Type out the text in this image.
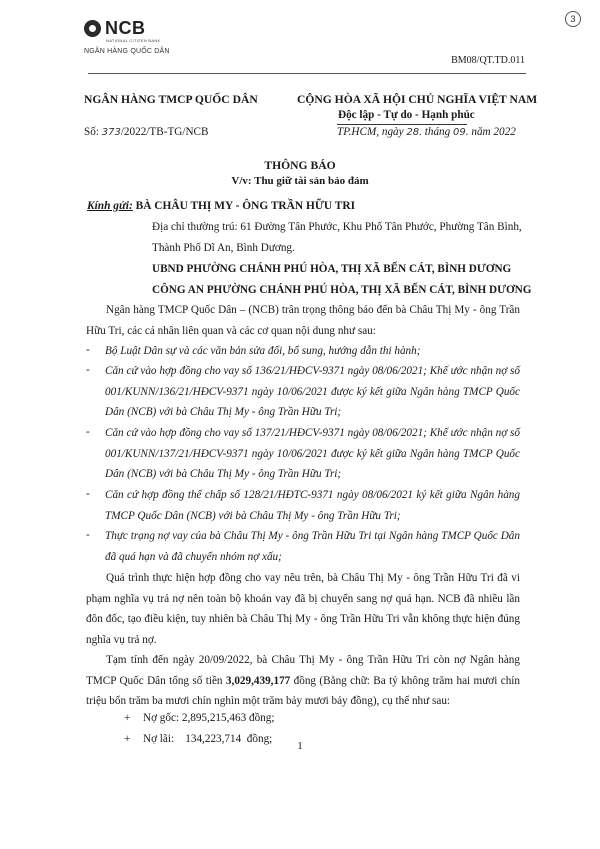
NCB
NATIONAL CITIZEN BANK
NGÂN HÀNG QUỐC DÂN
3
BM08/QT.TD.011
NGÂN HÀNG TMCP QUỐC DÂN	CỘNG HÒA XÃ HỘI CHỦ NGHĨA VIỆT NAM
Độc lập - Tự do - Hạnh phúc
Số: 373/2022/TB-TG/NCB	TP.HCM, ngày 28. tháng 09. năm 2022
THÔNG BÁO
V/v: Thu giữ tài sản bảo đảm
Kính gửi: BÀ CHÂU THỊ MY - ÔNG TRẦN HỮU TRI
Địa chỉ thường trú: 61 Đường Tân Phước, Khu Phố Tân Phước, Phường Tân Bình,
Thành Phố Dĩ An, Bình Dương.
UBND PHƯỜNG CHÁNH PHÚ HÒA, THỊ XÃ BẾN CÁT, BÌNH DƯƠNG
CÔNG AN PHƯỜNG CHÁNH PHÚ HÒA, THỊ XÃ BẾN CÁT, BÌNH DƯƠNG
Ngân hàng TMCP Quốc Dân – (NCB) trân trọng thông báo đến bà Châu Thị My - ông Trần Hữu Tri, các cá nhân liên quan và các cơ quan nội dung như sau:
-	Bộ Luật Dân sự và các văn bản sửa đổi, bổ sung, hướng dẫn thi hành;
-	Căn cứ vào hợp đồng cho vay số 136/21/HĐCV-9371 ngày 08/06/2021; Khế ước nhận nợ số 001/KUNN/136/21/HĐCV-9371 ngày 10/06/2021 được ký kết giữa Ngân hàng TMCP Quốc Dân (NCB) với bà Châu Thị My - ông Trần Hữu Tri;
-	Căn cứ vào hợp đồng cho vay số 137/21/HĐCV-9371 ngày 08/06/2021; Khế ước nhận nợ số 001/KUNN/137/21/HĐCV-9371 ngày 10/06/2021 được ký kết giữa Ngân hàng TMCP Quốc Dân (NCB) với bà Châu Thị My - ông Trần Hữu Tri;
-	Căn cứ hợp đồng thế chấp số 128/21/HĐTC-9371 ngày 08/06/2021 ký kết giữa Ngân hàng TMCP Quốc Dân (NCB) với bà Châu Thị My - ông Trần Hữu Tri;
-	Thực trạng nợ vay của bà Châu Thị My - ông Trần Hữu Tri tại Ngân hàng TMCP Quốc Dân đã quá hạn và đã chuyển nhóm nợ xấu;
Quá trình thực hiện hợp đồng cho vay nêu trên, bà Châu Thị My - ông Trần Hữu Tri đã vi phạm nghĩa vụ trả nợ nên toàn bộ khoản vay đã bị chuyển sang nợ quá hạn. NCB đã nhiều lần đôn đốc, tạo điều kiện, tuy nhiên bà Châu Thị My - ông Trần Hữu Tri vẫn không thực hiện đúng nghĩa vụ trả nợ.
Tạm tính đến ngày 20/09/2022, bà Châu Thị My - ông Trần Hữu Tri còn nợ Ngân hàng TMCP Quốc Dân tổng số tiền 3,029,439,177 đồng (Bằng chữ: Ba tỷ không trăm hai mươi chín triệu bốn trăm ba mươi chín nghìn một trăm bảy mươi bảy đồng), cụ thể như sau:
+ Nợ gốc: 2,895,215,463 đồng;
+ Nợ lãi:    134,223,714  đồng;
1
